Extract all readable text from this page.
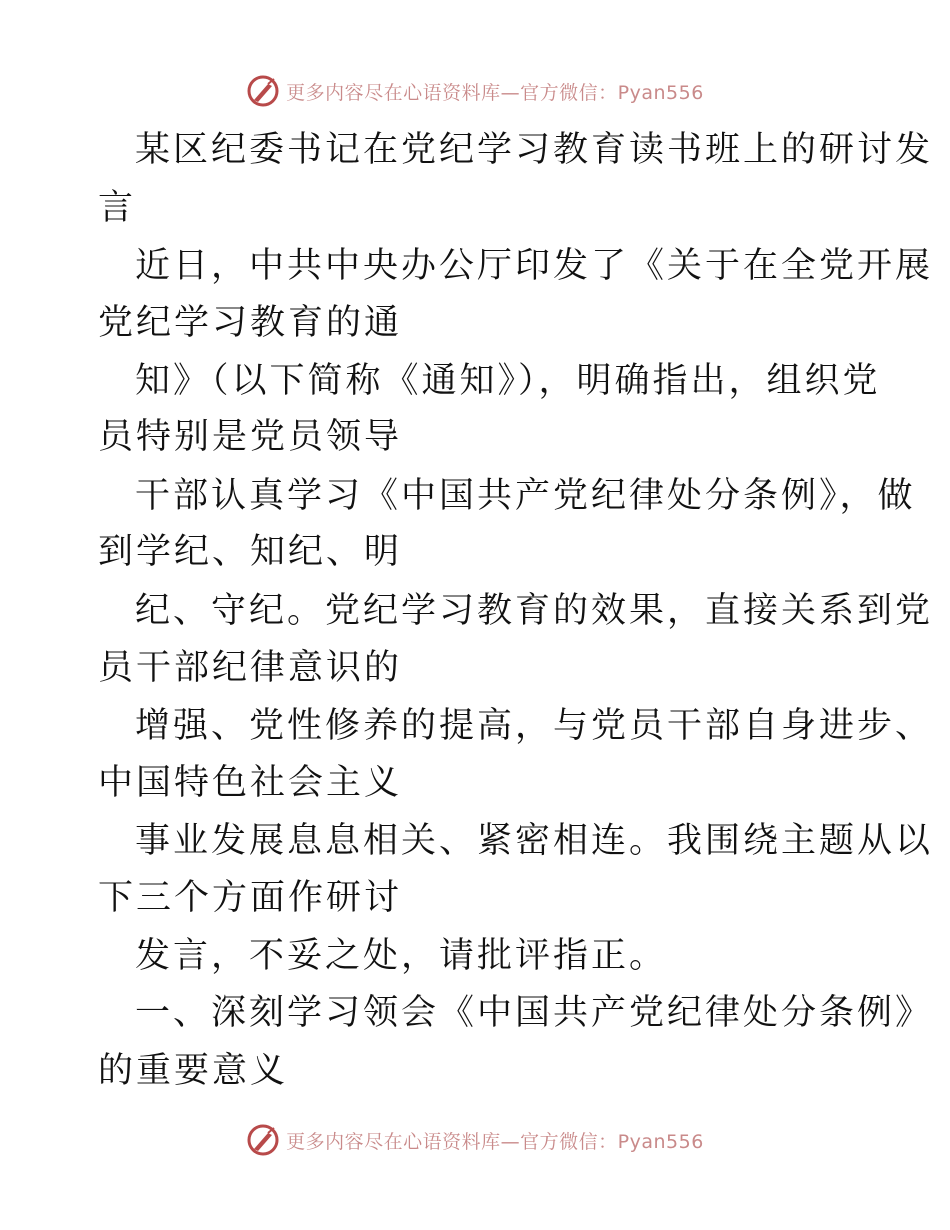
更多内容尽在心语资料库—官方微信：Pyan556
某区纪委书记在党纪学习教育读书班上的研讨发
言
近日，中共中央办公厅印发了《关于在全党开展
党纪学习教育的通
知》（以下简称《通知》），明确指出，组织党
员特别是党员领导
干部认真学习《中国共产党纪律处分条例》，做
到学纪、知纪、明
纪、守纪。党纪学习教育的效果，直接关系到党
员干部纪律意识的
增强、党性修养的提高，与党员干部自身进步、
中国特色社会主义
事业发展息息相关、紧密相连。我围绕主题从以
下三个方面作研讨
发言，不妥之处，请批评指正。
一、深刻学习领会《中国共产党纪律处分条例》
的重要意义
更多内容尽在心语资料库—官方微信：Pyan556
